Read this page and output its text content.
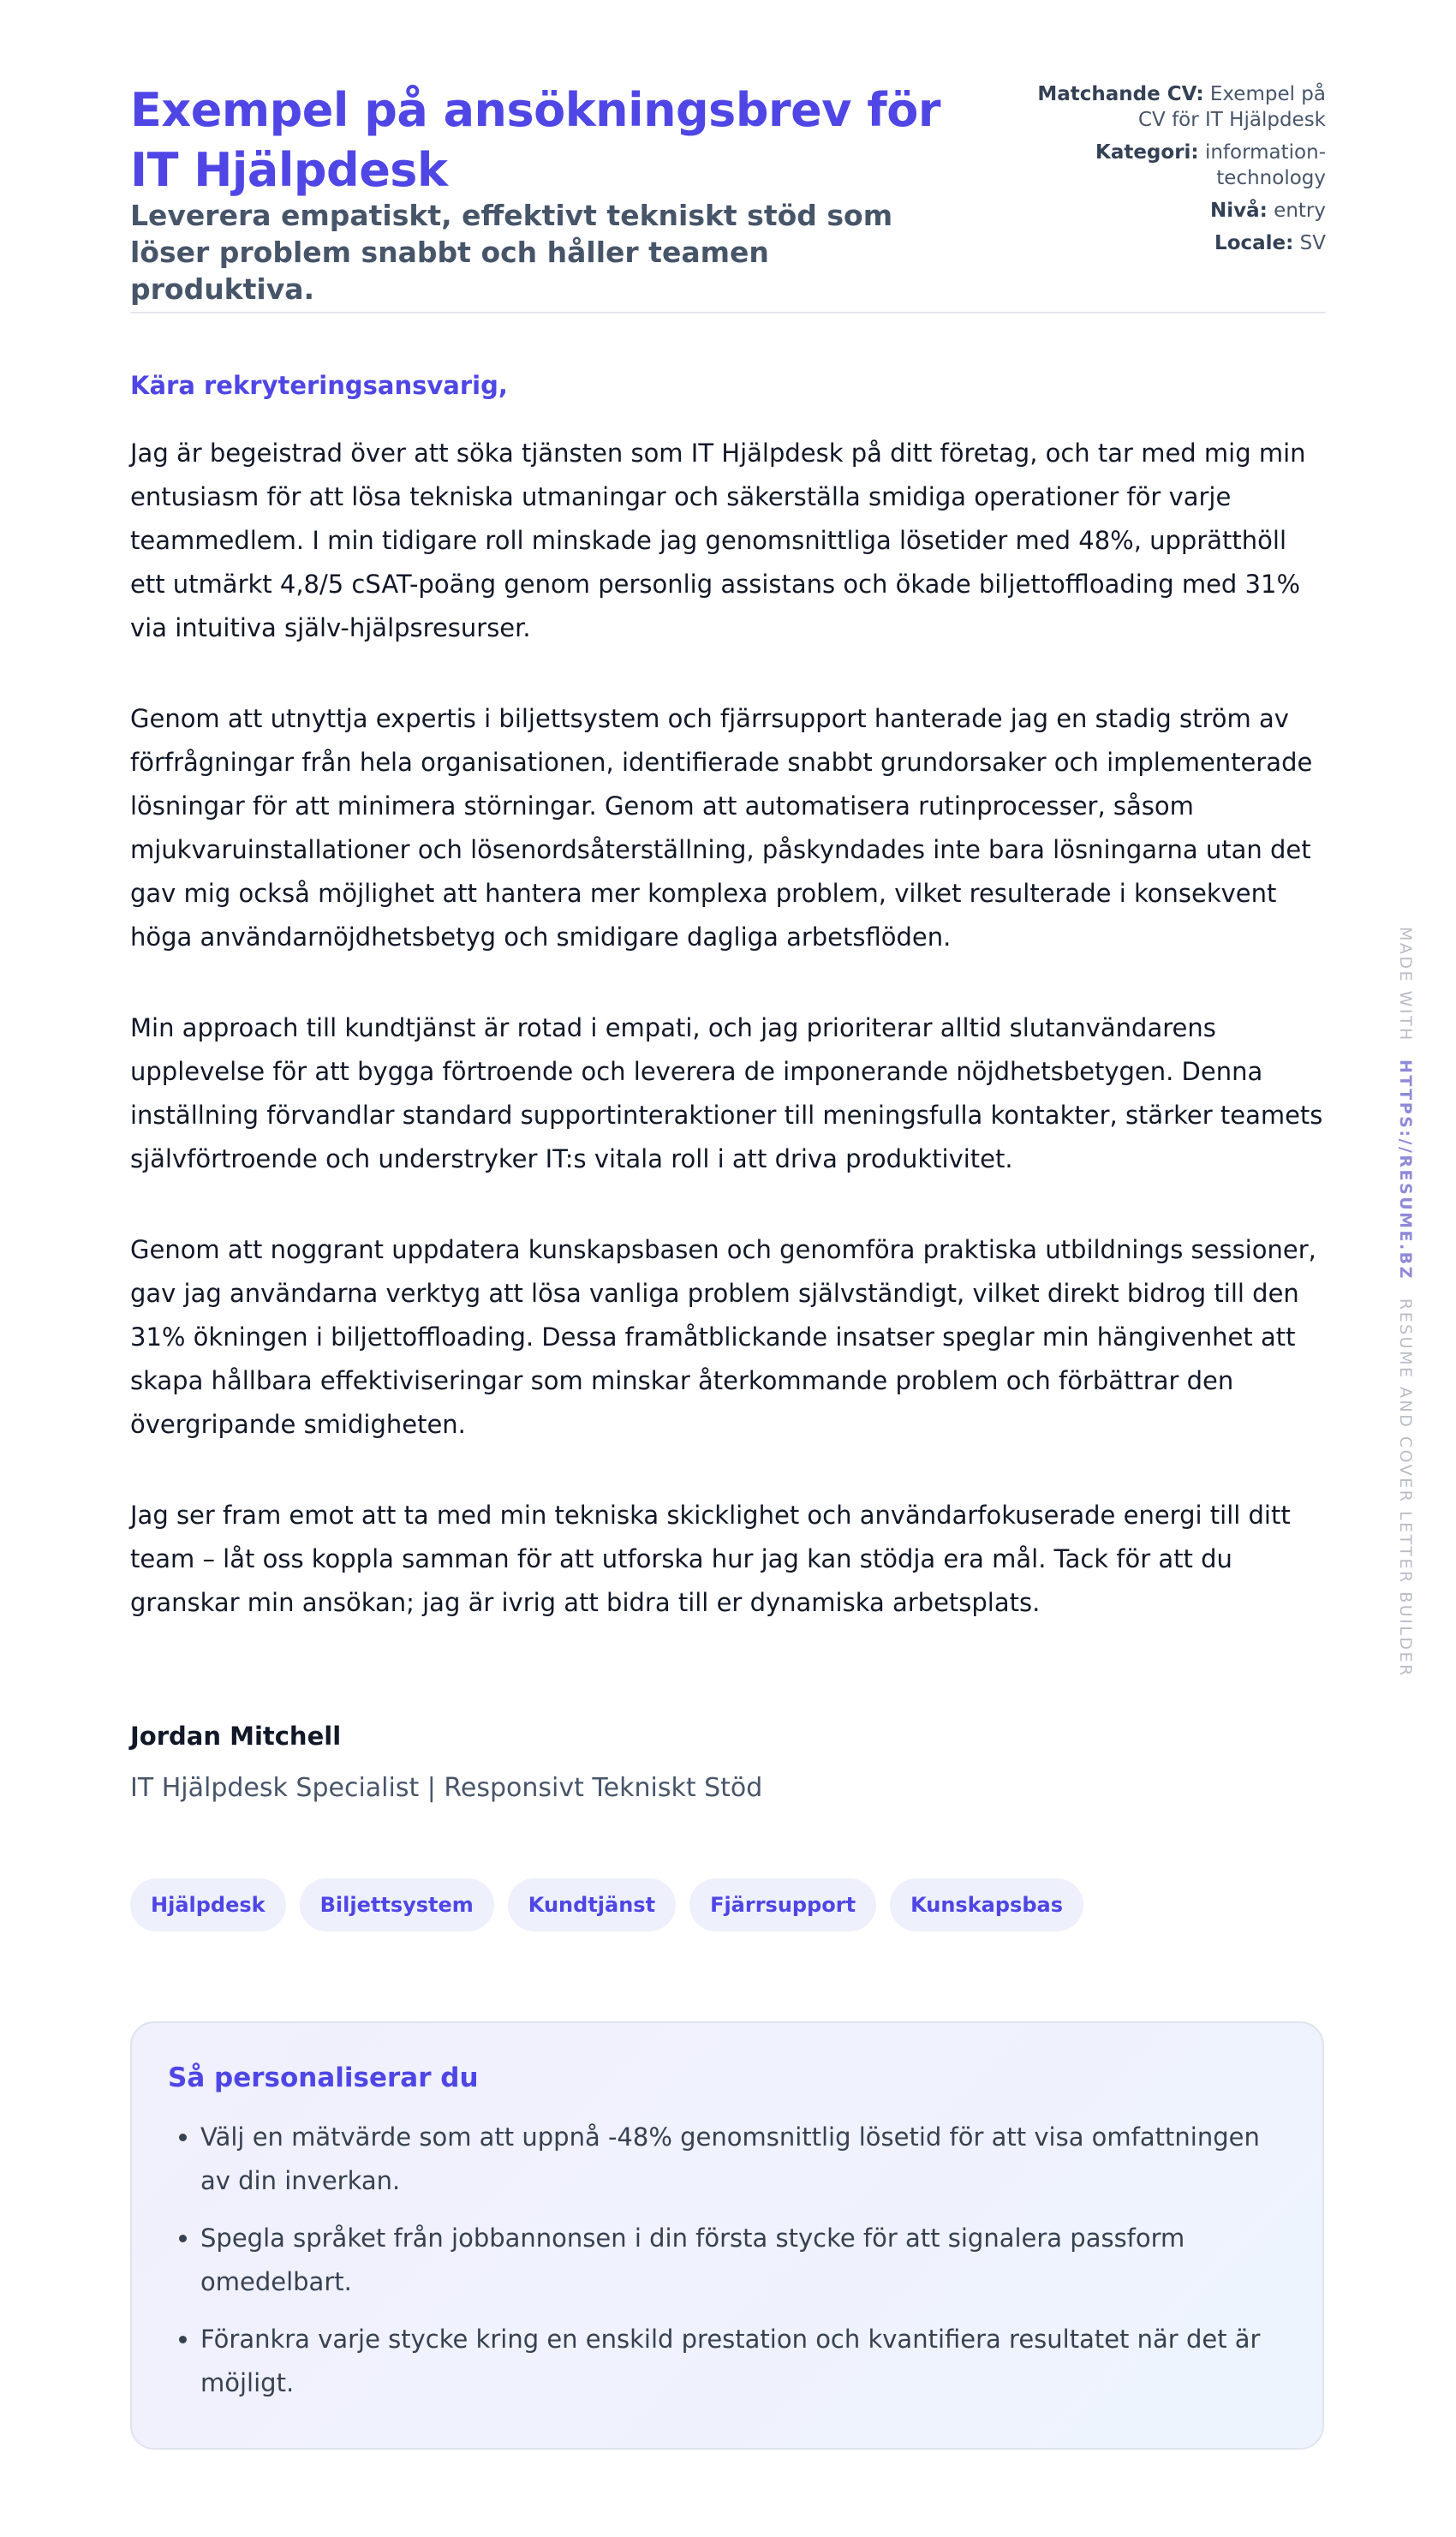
Exempel på ansökningsbrev för IT Hjälpdesk

Leverera empatiskt, effektivt tekniskt stöd som löser problem snabbt och håller teamen produktiva.

Matchande CV: Exempel på CV för IT Hjälpdesk
Kategori: information-technology
Nivå: entry
Locale: SV

Kära rekryteringsansvarig,

Jag är begeistrad över att söka tjänsten som IT Hjälpdesk på ditt företag, och tar med mig min entusiasm för att lösa tekniska utmaningar och säkerställa smidiga operationer för varje teammedlem. I min tidigare roll minskade jag genomsnittliga lösetider med 48%, upprätthöll ett utmärkt 4,8/5 cSAT-poäng genom personlig assistans och ökade biljettoffloading med 31% via intuitiva själv-hjälpsresurser.

Genom att utnyttja expertis i biljettsystem och fjärrsupport hanterade jag en stadig ström av förfrågningar från hela organisationen, identifierade snabbt grundorsaker och implementerade lösningar för att minimera störningar. Genom att automatisera rutinprocesser, såsom mjukvaruinstallationer och lösenordsåterställning, påskyndades inte bara lösningarna utan det gav mig också möjlighet att hantera mer komplexa problem, vilket resulterade i konsekvent höga användarnöjdhetsbetyg och smidigare dagliga arbetsflöden.

Min approach till kundtjänst är rotad i empati, och jag prioriterar alltid slutanvändarens upplevelse för att bygga förtroende och leverera de imponerande nöjdhetsbetygen. Denna inställning förvandlar standard supportinteraktioner till meningsfulla kontakter, stärker teamets självförtroende och understryker IT:s vitala roll i att driva produktivitet.

Genom att noggrant uppdatera kunskapsbasen och genomföra praktiska utbildnings sessioner, gav jag användarna verktyg att lösa vanliga problem självständigt, vilket direkt bidrog till den 31% ökningen i biljettoffloading. Dessa framåtblickande insatser speglar min hängivenhet att skapa hållbara effektiviseringar som minskar återkommande problem och förbättrar den övergripande smidigheten.

Jag ser fram emot att ta med min tekniska skicklighet och användarfokuserade energi till ditt team – låt oss koppla samman för att utforska hur jag kan stödja era mål. Tack för att du granskar min ansökan; jag är ivrig att bidra till er dynamiska arbetsplats.

Jordan Mitchell
IT Hjälpdesk Specialist | Responsivt Tekniskt Stöd
Hjälpdesk	Biljettsystem	Kundtjänst	Fjärrsupport	Kunskapsbas

Så personaliserar du

• Välj en mätvärde som att uppnå -48% genomsnittlig lösetid för att visa omfattningen av din inverkan.
• Spegla språket från jobbannonsen i din första stycke för att signalera passform omedelbart.
• Förankra varje stycke kring en enskild prestation och kvantifiera resultatet när det är möjligt.
MADE WITH HTTPS://RESUME.BZ RESUME AND COVER LETTER BUILDER
